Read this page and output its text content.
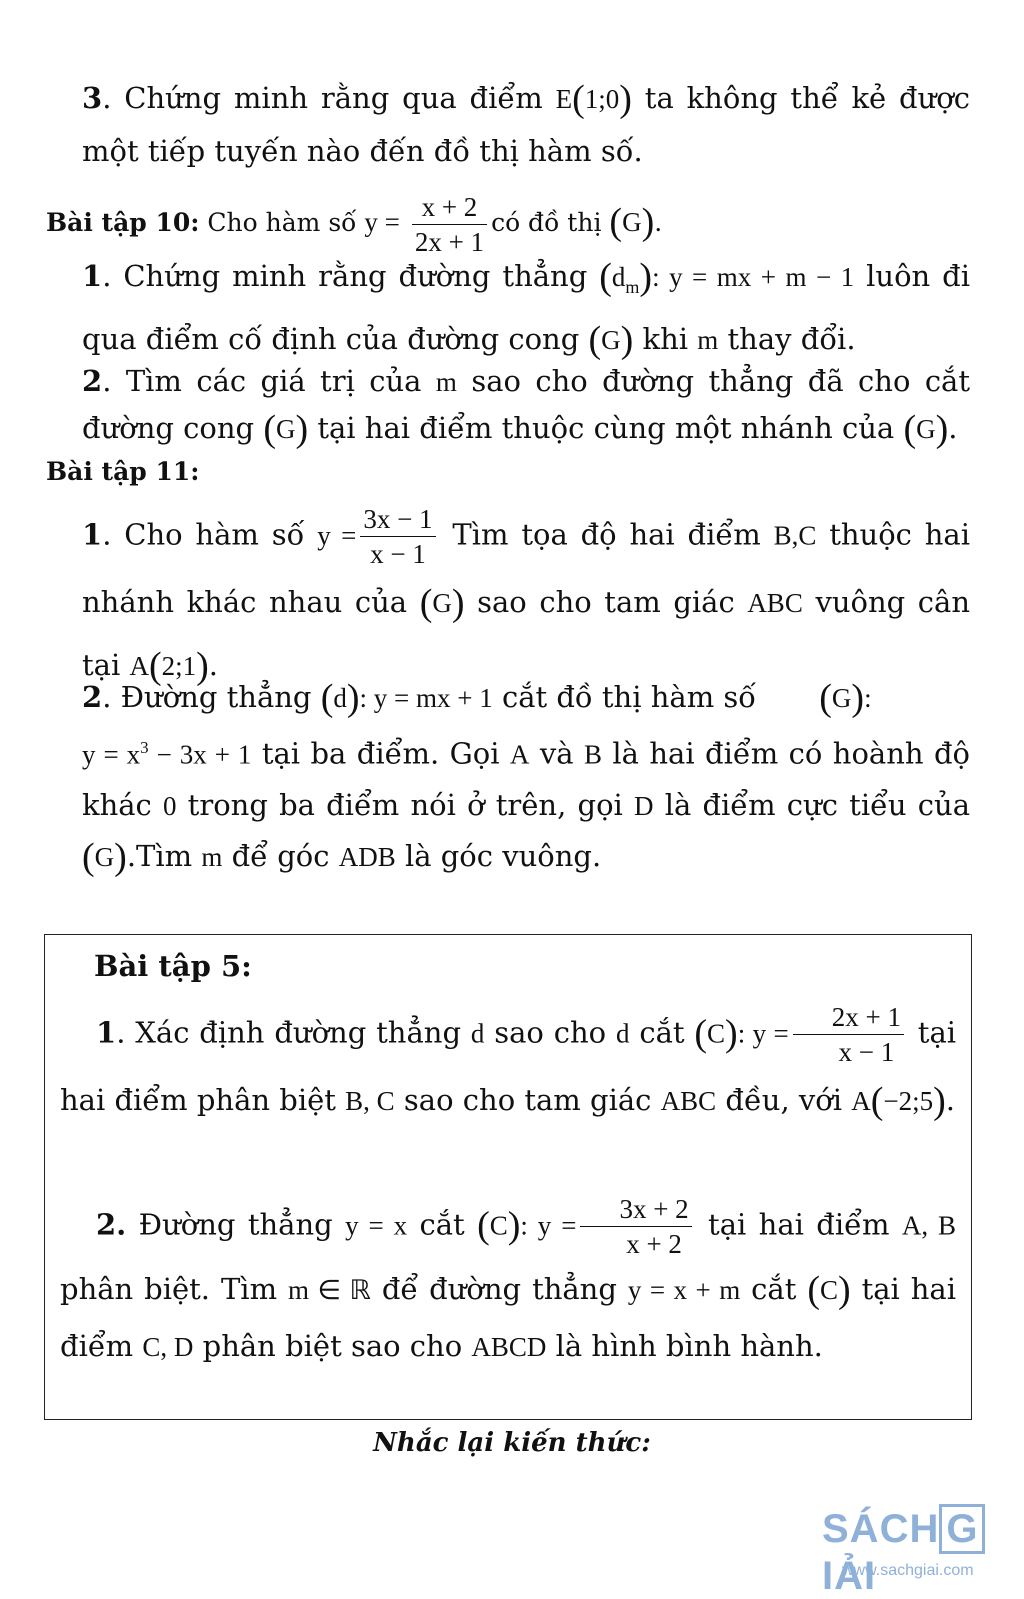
3. Chứng minh rằng qua điểm E(1;0) ta không thể kẻ được một tiếp tuyến nào đến đồ thị hàm số.
Bài tập 10: Cho hàm số $y = \frac{x + 2}{2x + 1}$ có đồ thị (G).
1. Chứng minh rằng đường thẳng $(d_m)$: y = mx + m − 1 luôn đi qua điểm cố định của đường cong (G) khi m thay đổi.
2. Tìm các giá trị của m sao cho đường thẳng đã cho cắt đường cong (G) tại hai điểm thuộc cùng một nhánh của (G).
Bài tập 11:
1. Cho hàm số $y = \frac{3x - 1}{x - 1}$ Tìm tọa độ hai điểm B,C thuộc hai nhánh khác nhau của (G) sao cho tam giác ABC vuông cân tại A(2;1).
2. Đường thẳng (d): y = mx + 1 cắt đồ thị hàm số (G):
$y = x^3 - 3x + 1$ tại ba điểm. Gọi A và B là hai điểm có hoành độ khác 0 trong ba điểm nói ở trên, gọi D là điểm cực tiểu của (G).Tìm m để góc ADB là góc vuông.
Bài tập 5:
1. Xác định đường thẳng d sao cho d cắt (C): $y = \frac{2x + 1}{x - 1}$ tại hai điểm phân biệt B, C sao cho tam giác ABC đều, với A(−2;5).
2. Đường thẳng y = x cắt (C): $y = \frac{3x + 2}{x + 2}$ tại hai điểm A, B phân biệt. Tìm m ∈ ℝ để đường thẳng y = x + m cắt (C) tại hai điểm C, D phân biệt sao cho ABCD là hình bình hành.
Nhắc lại kiến thức:
SÁCH GIẢI
www.sachgiai.com
